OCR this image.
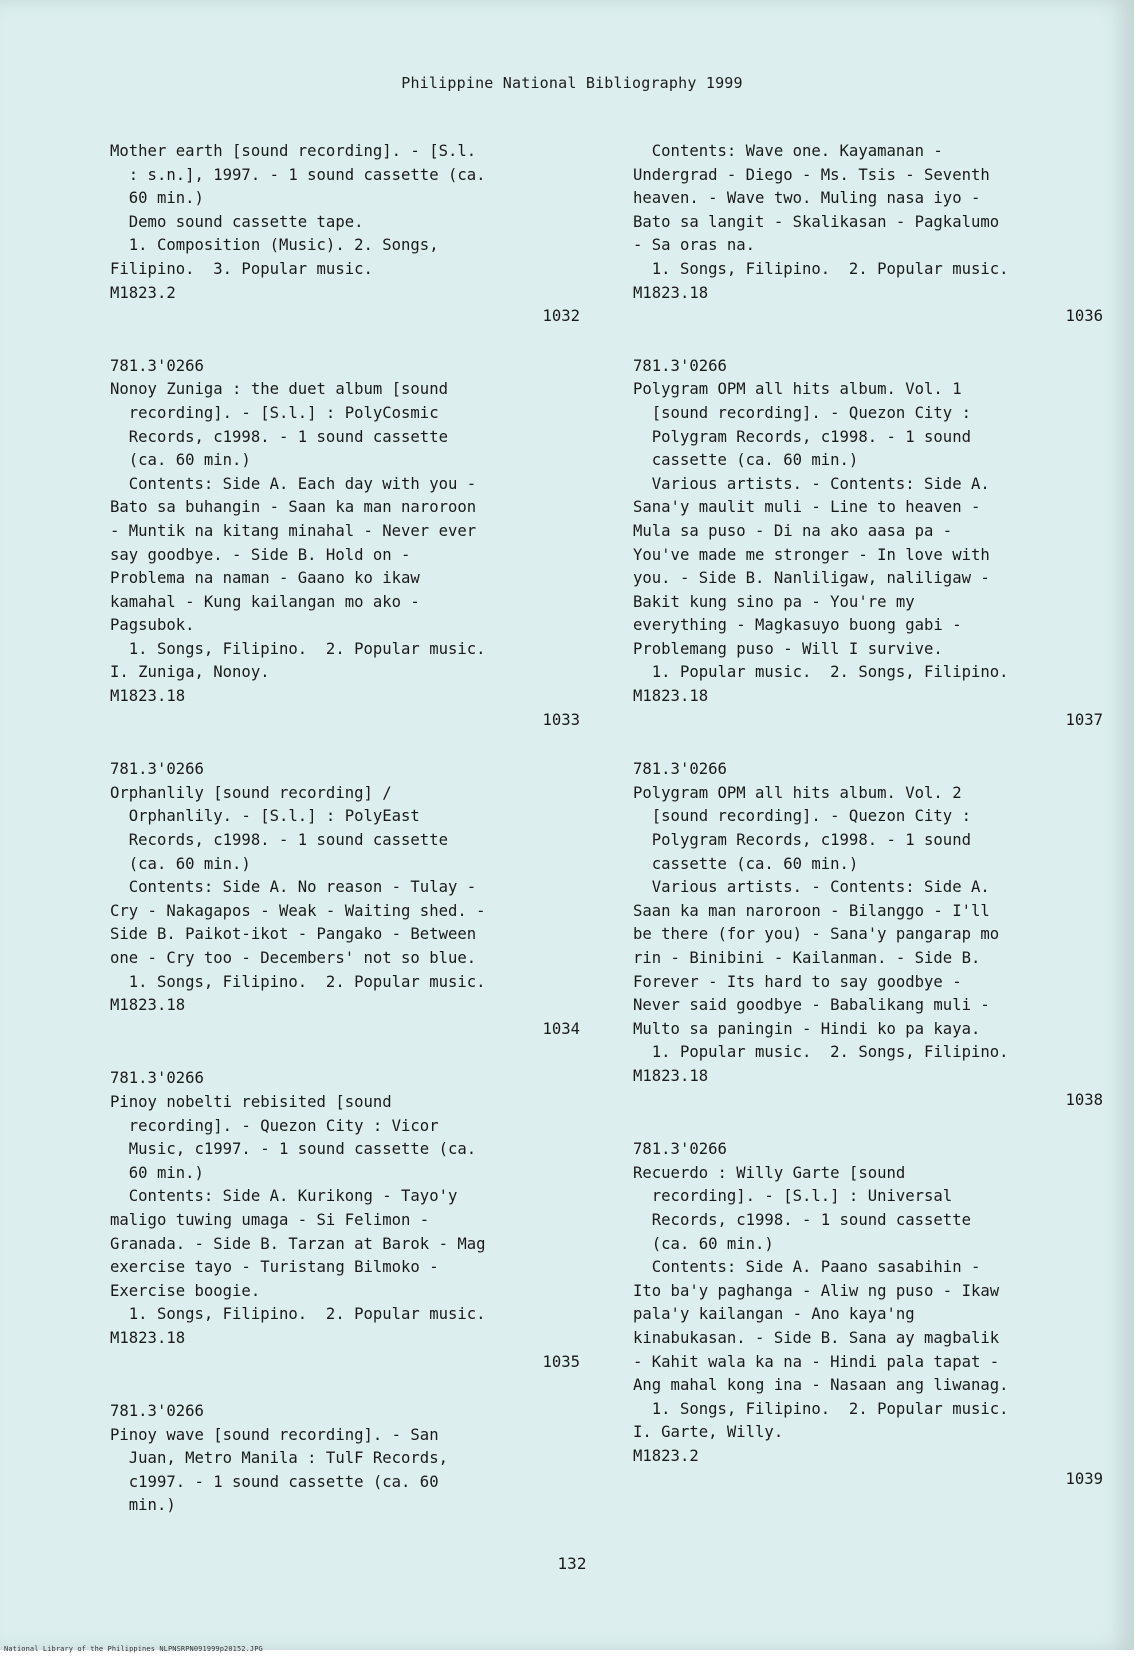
Philippine National Bibliography 1999

Mother earth [sound recording]. - [S.l.

: s.n.], 1997. - 1 sound cassette (ca.

60 min.)

Demo sound cassette tape.

1. Composition (Music). 2. Songs,

Filipino.  3. Popular music.

M1823.2

1032

781.3'0266

Nonoy Zuniga : the duet album [sound

recording]. - [S.l.] : PolyCosmic

Records, c1998. - 1 sound cassette

(ca. 60 min.)

Contents: Side A. Each day with you -

Bato sa buhangin - Saan ka man naroroon

- Muntik na kitang minahal - Never ever

say goodbye. - Side B. Hold on -

Problema na naman - Gaano ko ikaw

kamahal - Kung kailangan mo ako -

Pagsubok.

1. Songs, Filipino.  2. Popular music.

I. Zuniga, Nonoy.

M1823.18

1033

781.3'0266

Orphanlily [sound recording] /

Orphanlily. - [S.l.] : PolyEast

Records, c1998. - 1 sound cassette

(ca. 60 min.)

Contents: Side A. No reason - Tulay -

Cry - Nakagapos - Weak - Waiting shed. -

Side B. Paikot-ikot - Pangako - Between

one - Cry too - Decembers' not so blue.

1. Songs, Filipino.  2. Popular music.

M1823.18

1034

781.3'0266

Pinoy nobelti rebisited [sound

recording]. - Quezon City : Vicor

Music, c1997. - 1 sound cassette (ca.

60 min.)

Contents: Side A. Kurikong - Tayo'y

maligo tuwing umaga - Si Felimon -

Granada. - Side B. Tarzan at Barok - Mag

exercise tayo - Turistang Bilmoko -

Exercise boogie.

1. Songs, Filipino.  2. Popular music.

M1823.18

1035

781.3'0266

Pinoy wave [sound recording]. - San

Juan, Metro Manila : TulF Records,

c1997. - 1 sound cassette (ca. 60

min.)

Contents: Wave one. Kayamanan -

Undergrad - Diego - Ms. Tsis - Seventh

heaven. - Wave two. Muling nasa iyo -

Bato sa langit - Skalikasan - Pagkalumo

- Sa oras na.

1. Songs, Filipino.  2. Popular music.

M1823.18

1036

781.3'0266

Polygram OPM all hits album. Vol. 1

[sound recording]. - Quezon City :

Polygram Records, c1998. - 1 sound

cassette (ca. 60 min.)

Various artists. - Contents: Side A.

Sana'y maulit muli - Line to heaven -

Mula sa puso - Di na ako aasa pa -

You've made me stronger - In love with

you. - Side B. Nanliligaw, naliligaw -

Bakit kung sino pa - You're my

everything - Magkasuyo buong gabi -

Problemang puso - Will I survive.

1. Popular music.  2. Songs, Filipino.

M1823.18

1037

781.3'0266

Polygram OPM all hits album. Vol. 2

[sound recording]. - Quezon City :

Polygram Records, c1998. - 1 sound

cassette (ca. 60 min.)

Various artists. - Contents: Side A.

Saan ka man naroroon - Bilanggo - I'll

be there (for you) - Sana'y pangarap mo

rin - Binibini - Kailanman. - Side B.

Forever - Its hard to say goodbye -

Never said goodbye - Babalikang muli -

Multo sa paningin - Hindi ko pa kaya.

1. Popular music.  2. Songs, Filipino.

M1823.18

1038

781.3'0266

Recuerdo : Willy Garte [sound

recording]. - [S.l.] : Universal

Records, c1998. - 1 sound cassette

(ca. 60 min.)

Contents: Side A. Paano sasabihin -

Ito ba'y paghanga - Aliw ng puso - Ikaw

pala'y kailangan - Ano kaya'ng

kinabukasan. - Side B. Sana ay magbalik

- Kahit wala ka na - Hindi pala tapat -

Ang mahal kong ina - Nasaan ang liwanag.

1. Songs, Filipino.  2. Popular music.

I. Garte, Willy.

M1823.2

1039

132
National Library of the Philippines NLPNSRPN091999p20152.JPG
